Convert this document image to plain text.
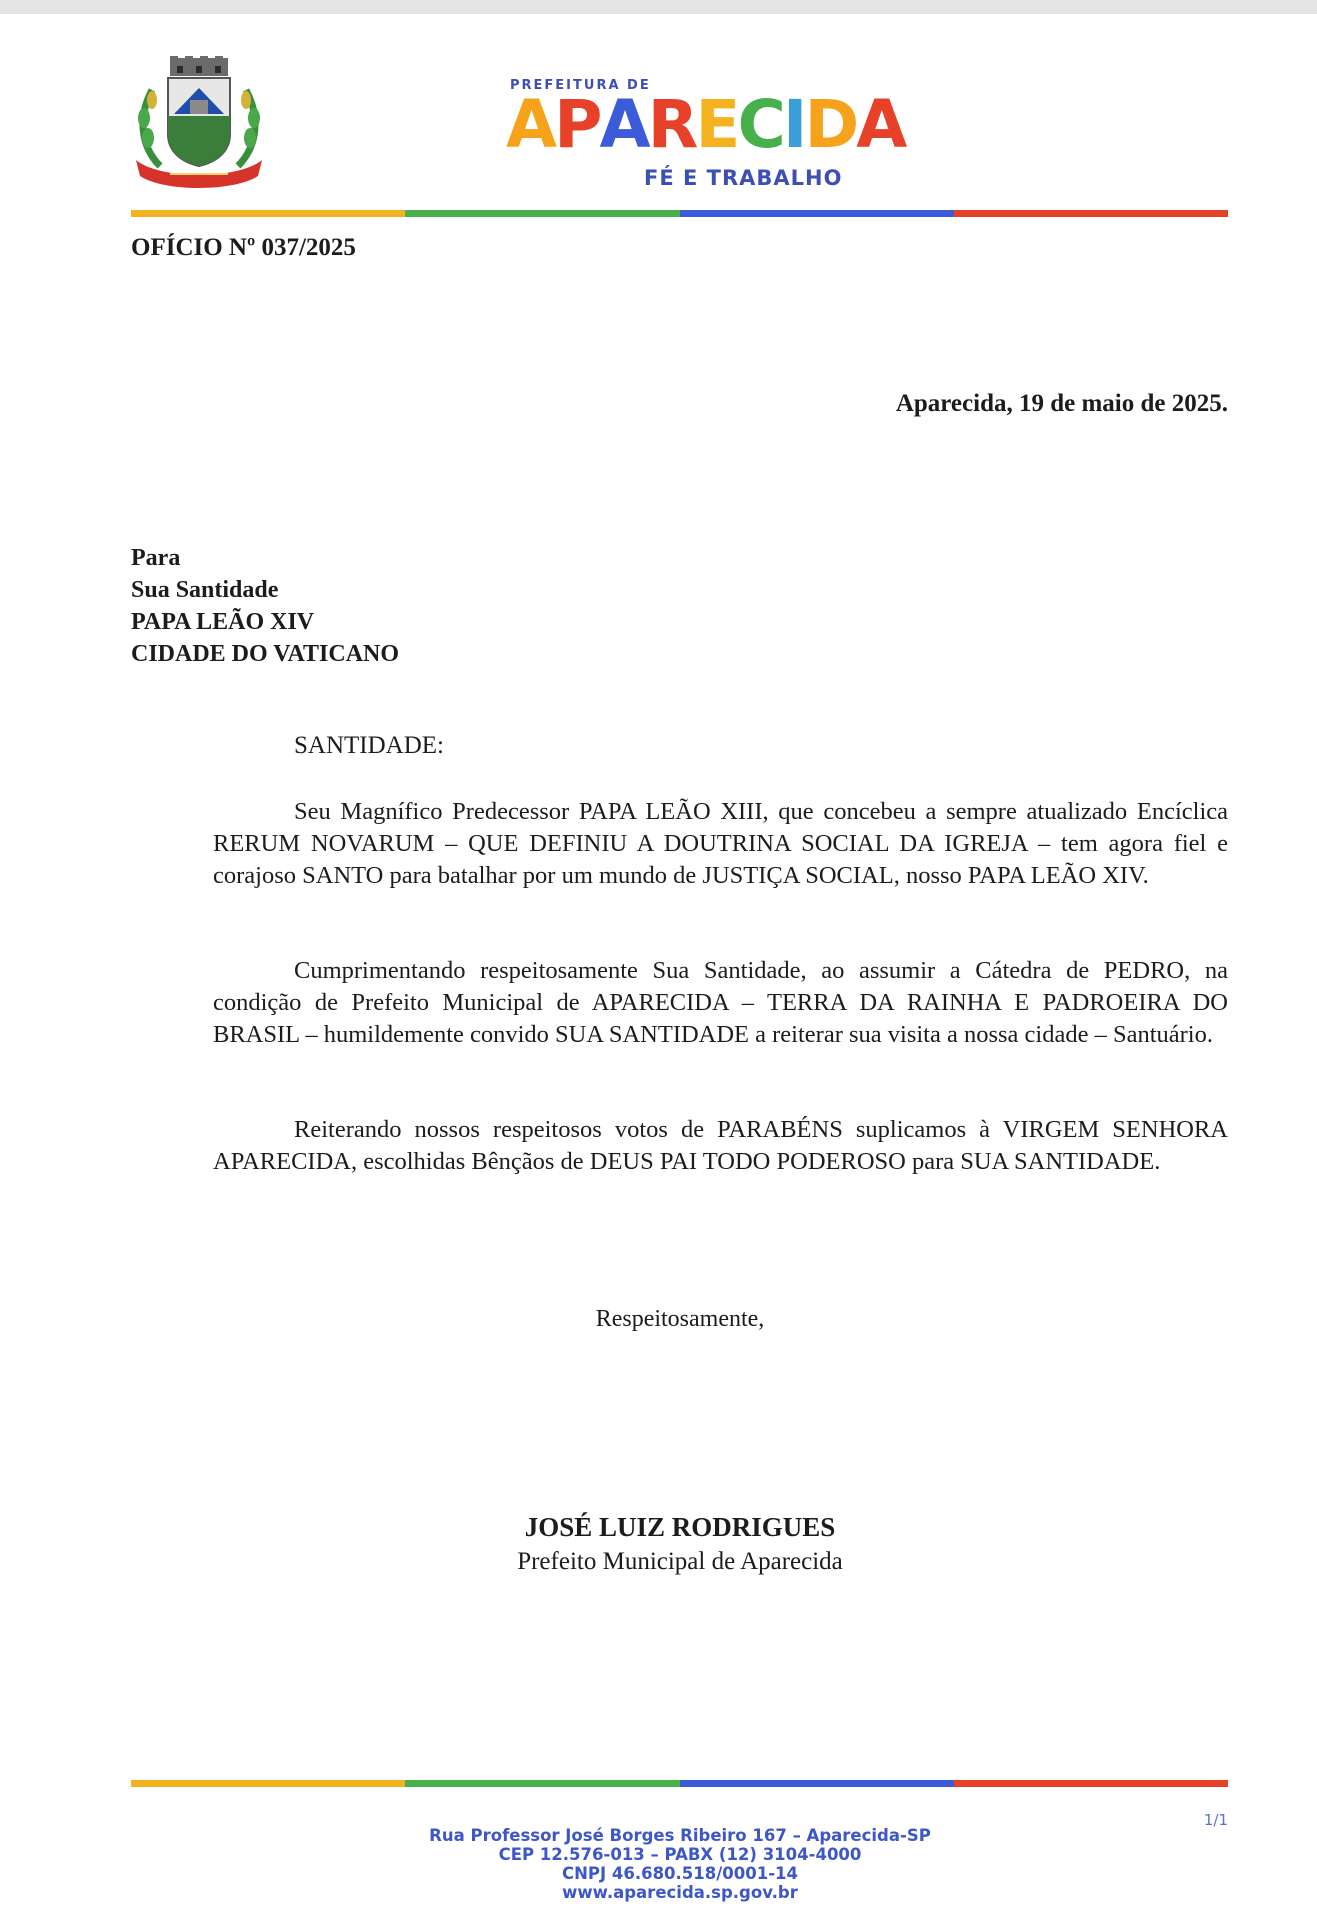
PREFEITURA DE
APARECIDA
FÉ E TRABALHO
OFÍCIO Nº 037/2025
Aparecida, 19 de maio de 2025.
Para
Sua Santidade
PAPA LEÃO XIV
CIDADE DO VATICANO
SANTIDADE:

Seu Magnífico Predecessor PAPA LEÃO XIII, que concebeu a sempre atualizado Encíclica RERUM NOVARUM – QUE DEFINIU A DOUTRINA SOCIAL DA IGREJA – tem agora fiel e corajoso SANTO para batalhar por um mundo de JUSTIÇA SOCIAL, nosso PAPA LEÃO XIV.

Cumprimentando respeitosamente Sua Santidade, ao assumir a Cátedra de PEDRO, na condição de Prefeito Municipal de APARECIDA – TERRA DA RAINHA E PADROEIRA DO BRASIL – humildemente convido SUA SANTIDADE a reiterar sua visita a nossa cidade – Santuário.

Reiterando nossos respeitosos votos de PARABÉNS suplicamos à VIRGEM SENHORA APARECIDA, escolhidas Bênçãos de DEUS PAI TODO PODEROSO para SUA SANTIDADE.

Respeitosamente,
JOSÉ LUIZ RODRIGUES
Prefeito Municipal de Aparecida
1/1
Rua Professor José Borges Ribeiro 167 – Aparecida-SP
CEP 12.576-013 – PABX (12) 3104-4000
CNPJ 46.680.518/0001-14
www.aparecida.sp.gov.br
